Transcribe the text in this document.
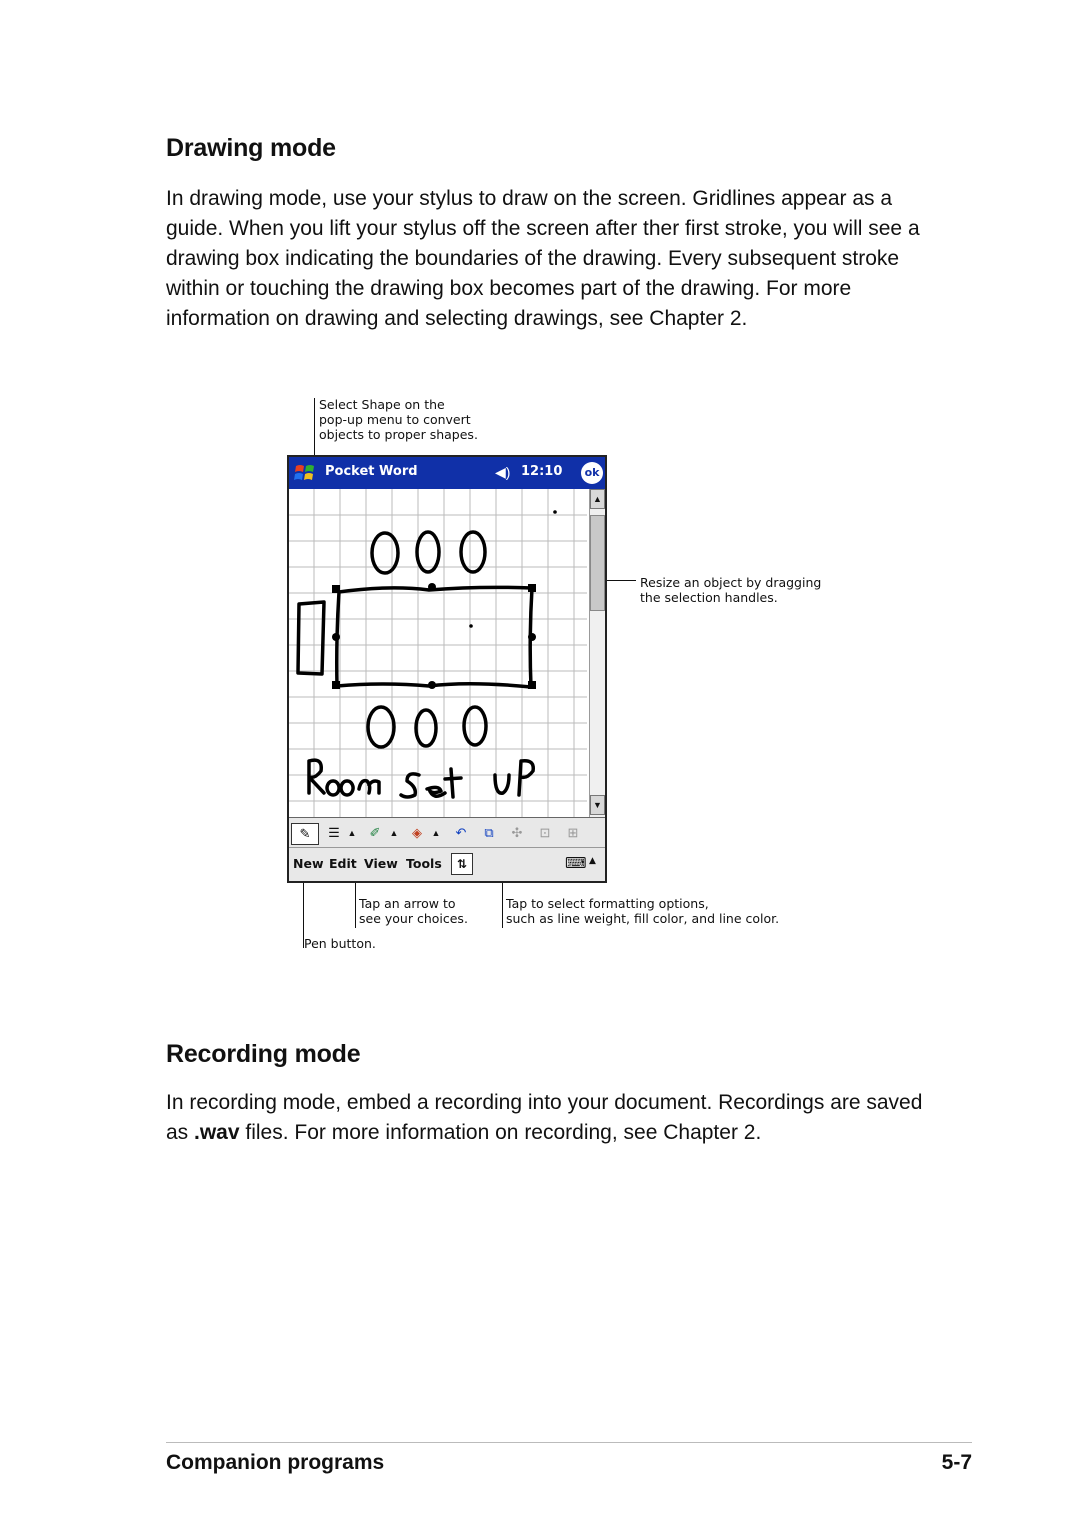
Drawing mode

In drawing mode, use your stylus to draw on the screen. Gridlines appear as a guide. When you lift your stylus off the screen after ther first stroke, you will see a drawing box indicating the boundaries of the drawing. Every subsequent stroke within or touching the drawing box becomes part of the drawing. For more information on drawing and selecting drawings, see Chapter 2.

Select Shape on the
pop-up menu to convert
objects to proper shapes.
Resize an object by dragging
the selection handles.
Tap an arrow to
see your choices.
Tap to select formatting options,
such as line weight, fill color, and line color.
Pen button.
Pocket Word	◀︎) 12:10	ok
▲
▼
✎	☰ ▲	✐	▲	◈	▲	↶	⧉	✣	⊡	⊞
New Edit View Tools	⇅	⌨ ▲
Recording mode

In recording mode, embed a recording into your document. Recordings are saved as .wav files. For more information on recording, see Chapter 2.

Companion programs	5-7
